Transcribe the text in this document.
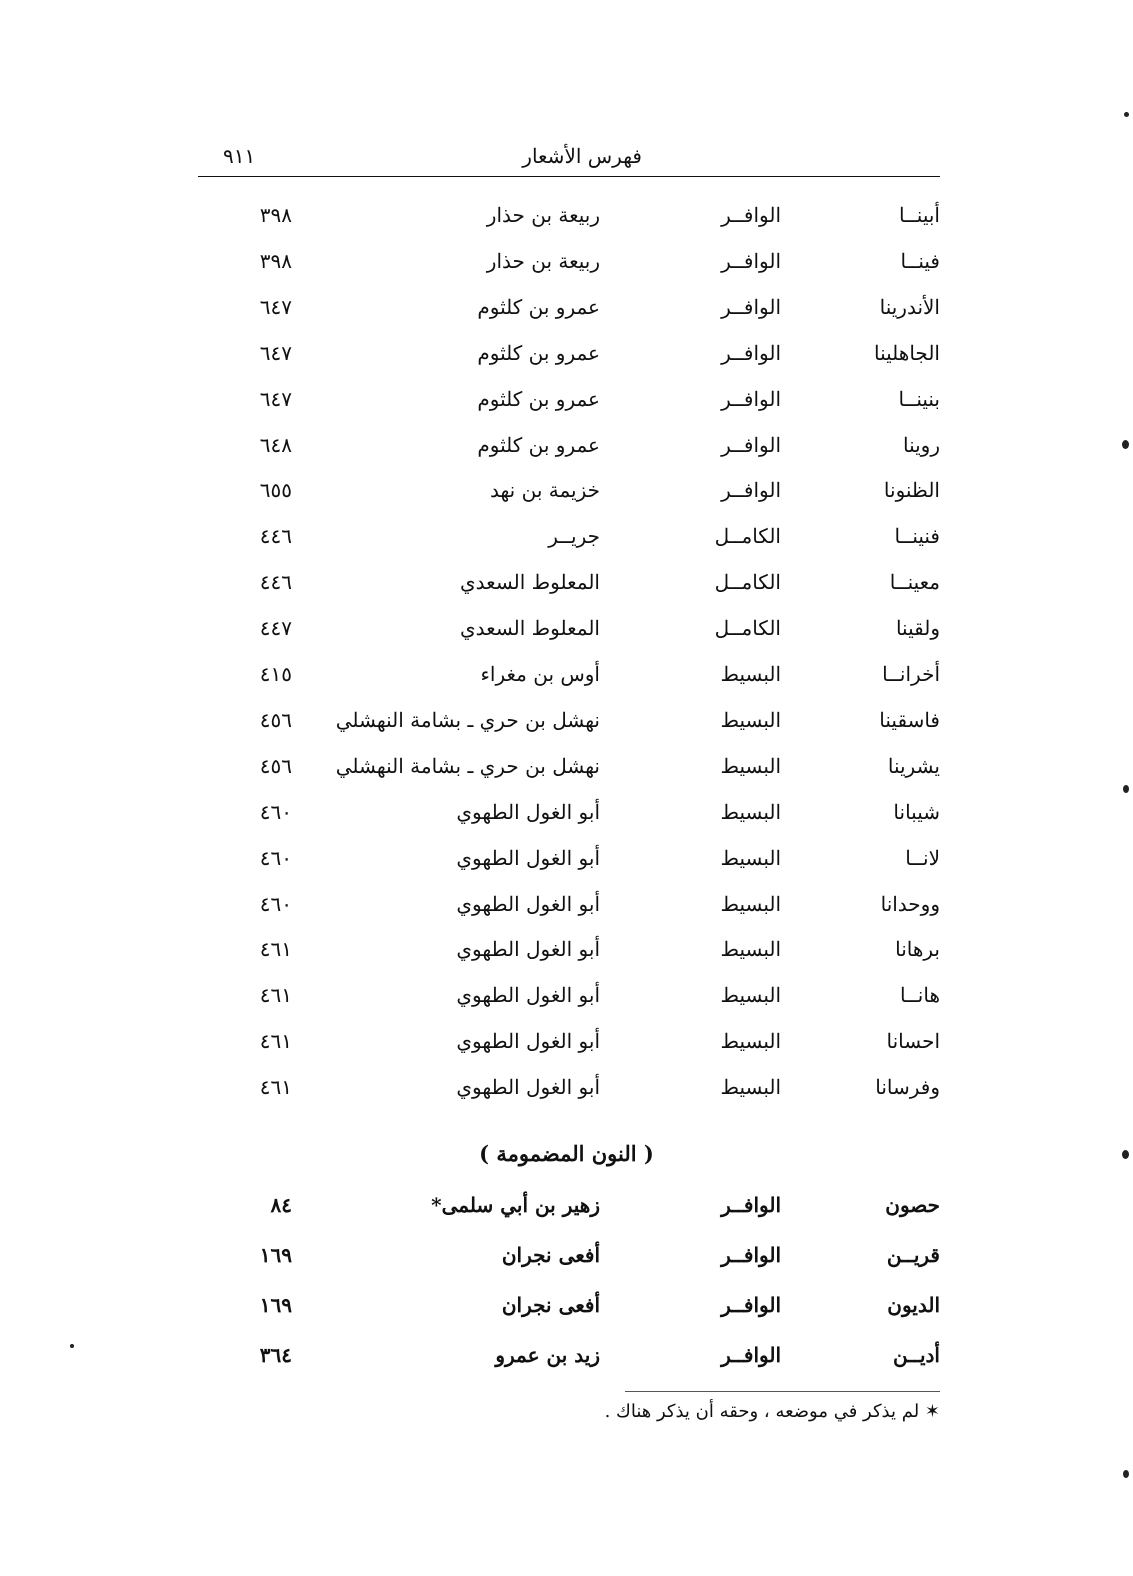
فهرس الأشعار
٩١١
أبينــا
الوافــر
ربيعة بن حذار
٣٩٨
فينــا
الوافــر
ربيعة بن حذار
٣٩٨
الأندرينا
الوافــر
عمرو بن كلثوم
٦٤٧
الجاهلينا
الوافــر
عمرو بن كلثوم
٦٤٧
بنينــا
الوافــر
عمرو بن كلثوم
٦٤٧
روينا
الوافــر
عمرو بن كلثوم
٦٤٨
الظنونا
الوافــر
خزيمة بن نهد
٦٥٥
فنينــا
الكامــل
جريــر
٤٤٦
معينــا
الكامــل
المعلوط السعدي
٤٤٦
ولقينا
الكامــل
المعلوط السعدي
٤٤٧
أخرانــا
البسيط
أوس بن مغراء
٤١٥
فاسقينا
البسيط
نهشل بن حري ـ بشامة النهشلي
٤٥٦
يشرينا
البسيط
نهشل بن حري ـ بشامة النهشلي
٤٥٦
شيبانا
البسيط
أبو الغول الطهوي
٤٦٠
لانــا
البسيط
أبو الغول الطهوي
٤٦٠
ووحدانا
البسيط
أبو الغول الطهوي
٤٦٠
برهانا
البسيط
أبو الغول الطهوي
٤٦١
هانــا
البسيط
أبو الغول الطهوي
٤٦١
احسانا
البسيط
أبو الغول الطهوي
٤٦١
وفرسانا
البسيط
أبو الغول الطهوي
٤٦١
( النون المضمومة )
حصون
الوافــر
زهير بن أبي سلمى*
٨٤
قريــن
الوافــر
أفعى نجران
١٦٩
الديون
الوافــر
أفعى نجران
١٦٩
أديــن
الوافــر
زيد بن عمرو
٣٦٤
✶ لم يذكر في موضعه ، وحقه أن يذكر هناك .
